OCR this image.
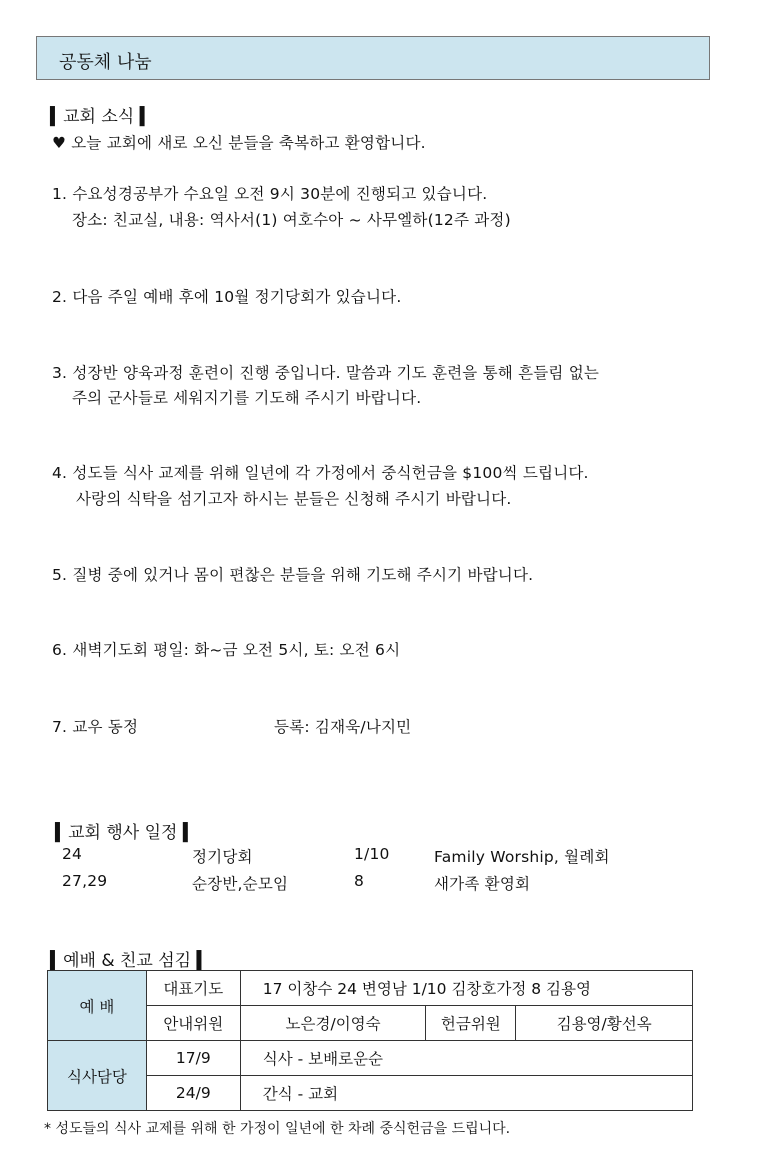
공동체 나눔
▍교회 소식 ▍
♥ 오늘 교회에 새로 오신 분들을 축복하고 환영합니다.
1. 수요성경공부가 수요일 오전 9시 30분에 진행되고 있습니다.
장소: 친교실, 내용: 역사서(1) 여호수아 ~ 사무엘하(12주 과정)
2. 다음 주일 예배 후에 10월 정기당회가 있습니다.
3. 성장반 양육과정 훈련이 진행 중입니다. 말씀과 기도 훈련을 통해 흔들림 없는
주의 군사들로 세워지기를 기도해 주시기 바랍니다.
4. 성도들 식사 교제를 위해 일년에 각 가정에서 중식헌금을 $100씩 드립니다.
사랑의 식탁을 섬기고자 하시는 분들은 신청해 주시기 바랍니다.
5. 질병 중에 있거나 몸이 편찮은 분들을 위해 기도해 주시기 바랍니다.
6. 새벽기도회 평일: 화~금 오전 5시, 토: 오전 6시
7. 교우 동정	등록: 김재욱/나지민
▍교회 행사 일정 ▍
24	정기당회	1/10	Family Worship, 월례회
27,29	순장반,순모임	8	새가족 환영회
▍예배 & 친교 섬김 ▍
예 배	대표기도	17 이창수 24 변영남 1/10 김창호가정 8 김용영		
	안내위원	노은경/이영숙	헌금위원	김용영/황선옥
식사담당	17/9	식사 - 보배로운순		
	24/9	간식 - 교회		
* 성도들의 식사 교제를 위해 한 가정이 일년에 한 차례 중식헌금을 드립니다.
